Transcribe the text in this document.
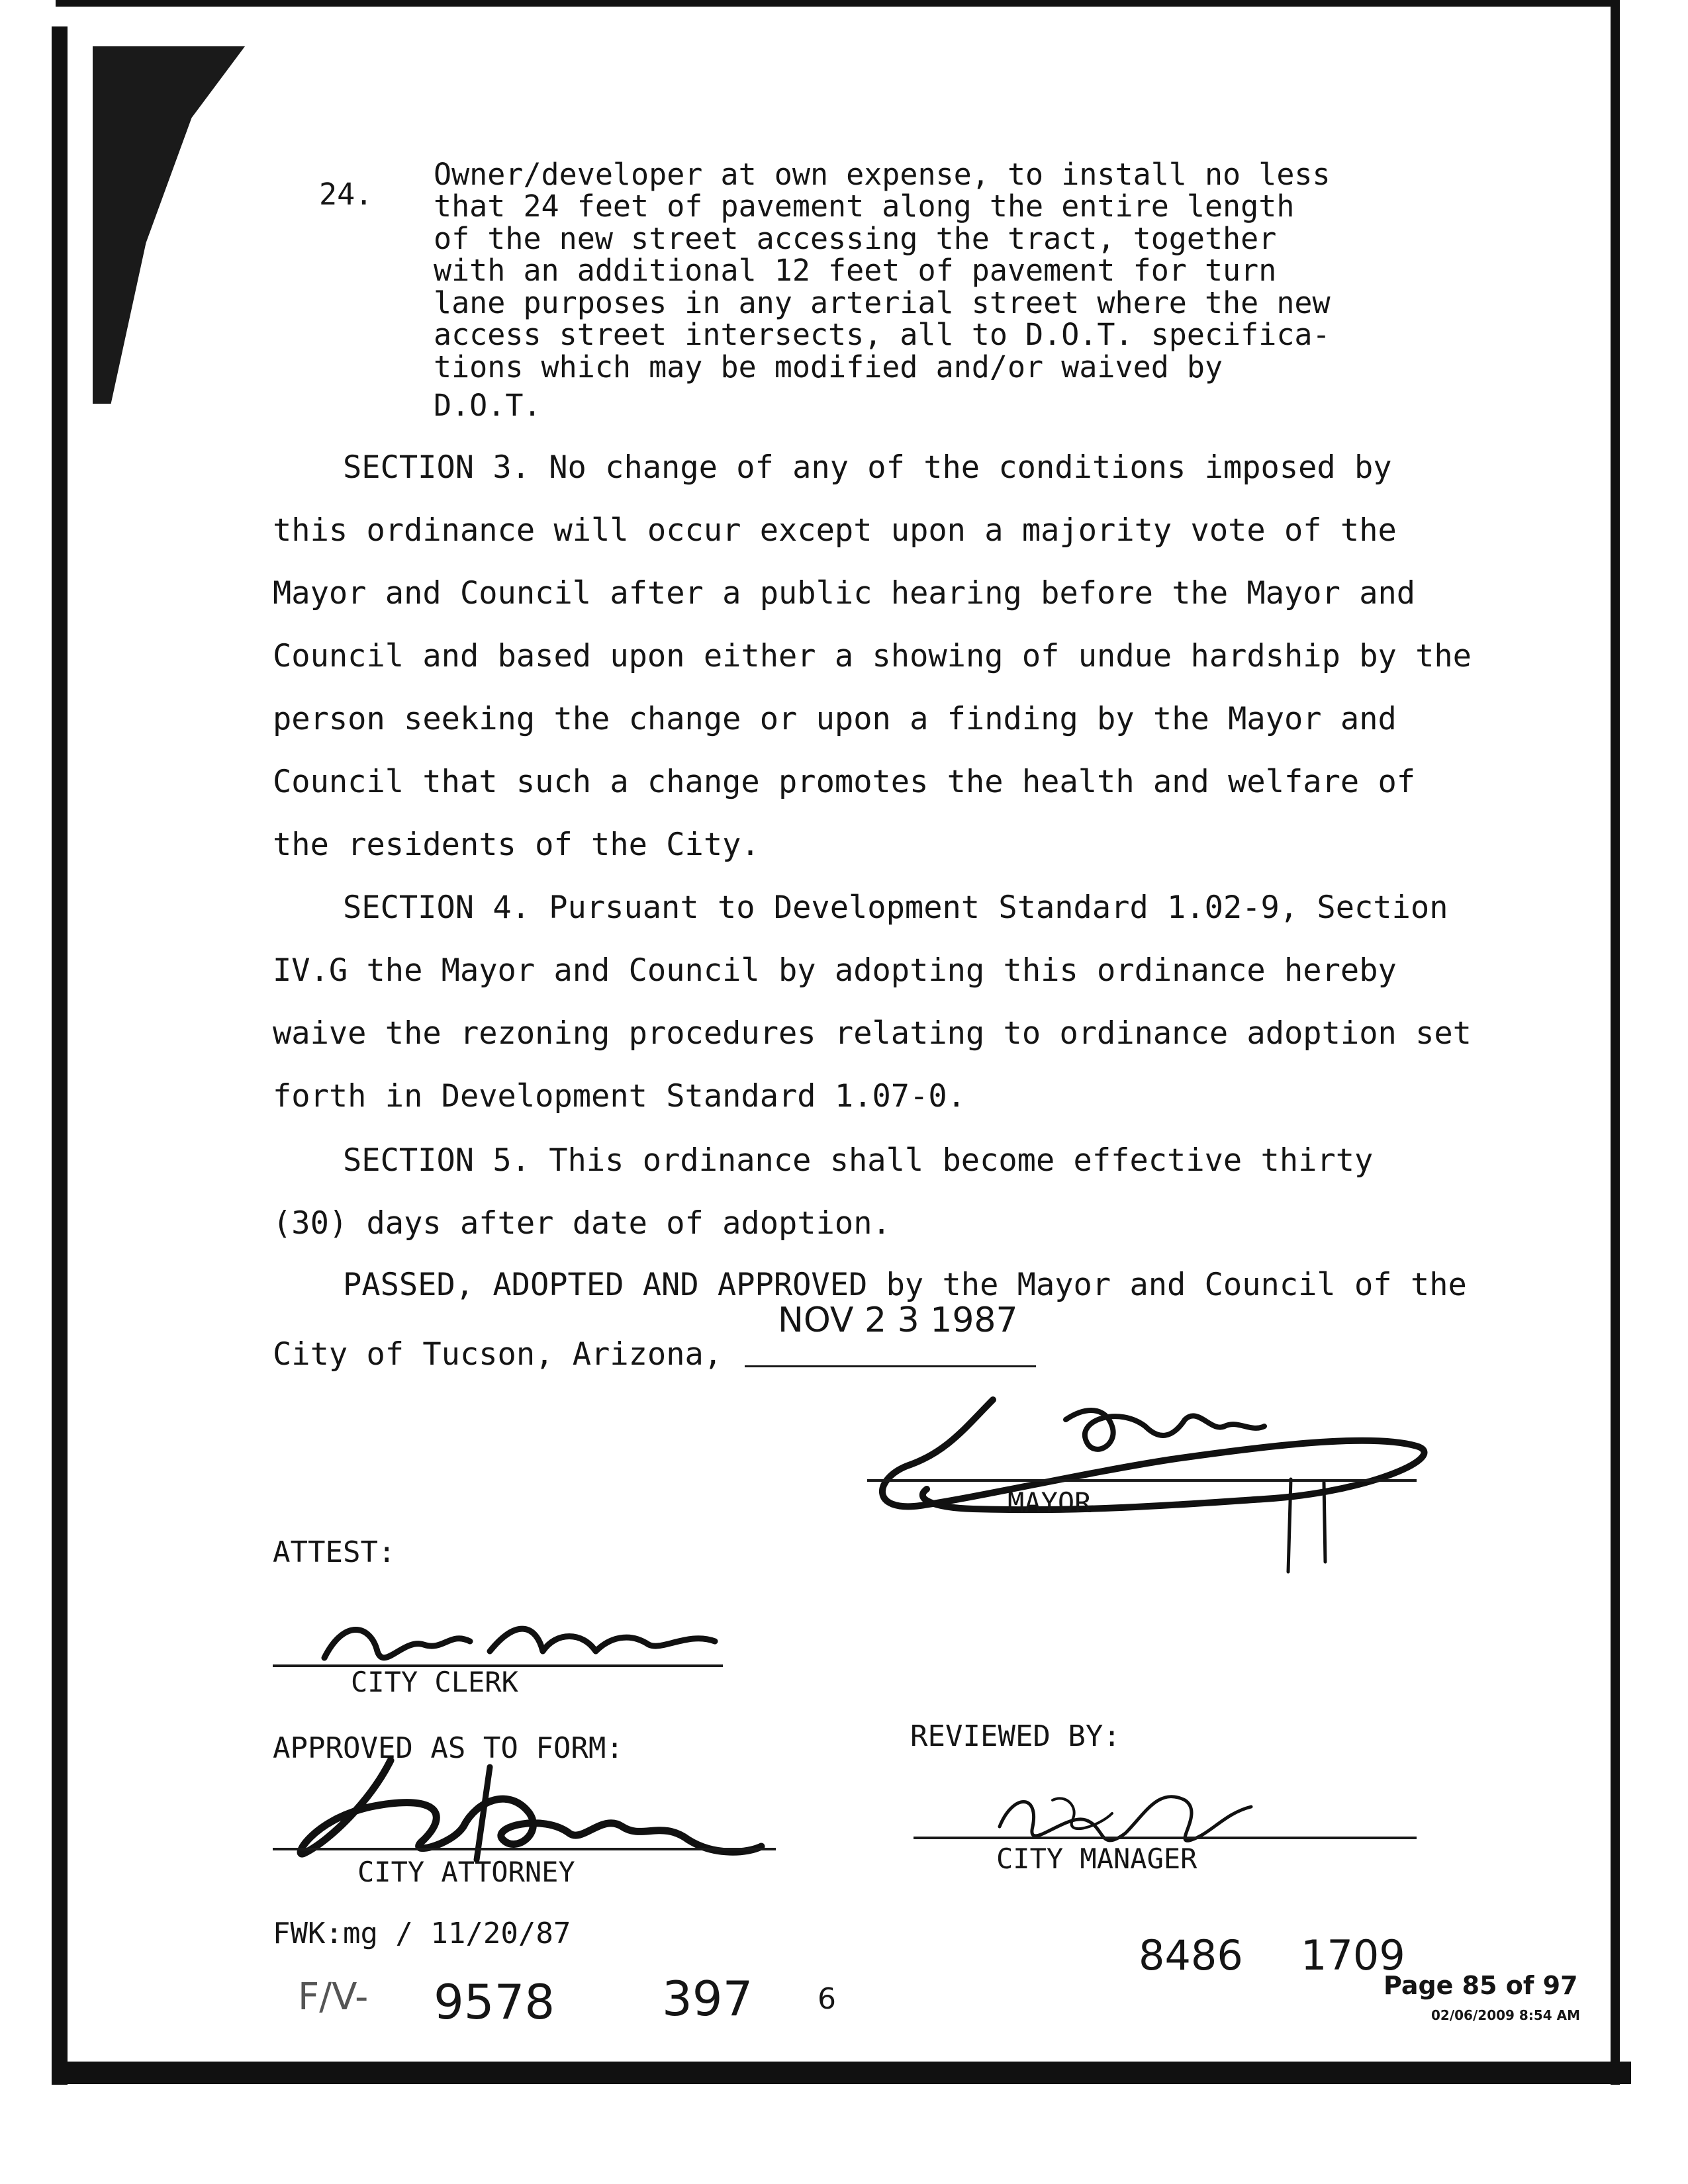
24.
Owner/developer at own expense, to install no less
that 24 feet of pavement along the entire length
of the new street accessing the tract, together
with an additional 12 feet of pavement for turn
lane purposes in any arterial street where the new
access street intersects, all to D.O.T. specifica-
tions which may be modified and/or waived by
D.O.T.
SECTION 3. No change of any of the conditions imposed by
this ordinance will occur except upon a majority vote of the
Mayor and Council after a public hearing before the Mayor and
Council and based upon either a showing of undue hardship by the
person seeking the change or upon a finding by the Mayor and
Council that such a change promotes the health and welfare of
the residents of the City.
SECTION 4. Pursuant to Development Standard 1.02-9, Section
IV.G the Mayor and Council by adopting this ordinance hereby
waive the rezoning procedures relating to ordinance adoption set
forth in Development Standard 1.07-0.
SECTION 5. This ordinance shall become effective thirty
(30) days after date of adoption.
PASSED, ADOPTED AND APPROVED by the Mayor and Council of the
NOV 2 3 1987
City of Tucson, Arizona,
MAYOR
ATTEST:
CITY CLERK
APPROVED AS TO FORM:
CITY ATTORNEY
REVIEWED BY:
CITY MANAGER
FWK:mg / 11/20/87
F/V- 9578 397 6
8486 1709
Page 85 of 97
02/06/2009 8:54 AM
